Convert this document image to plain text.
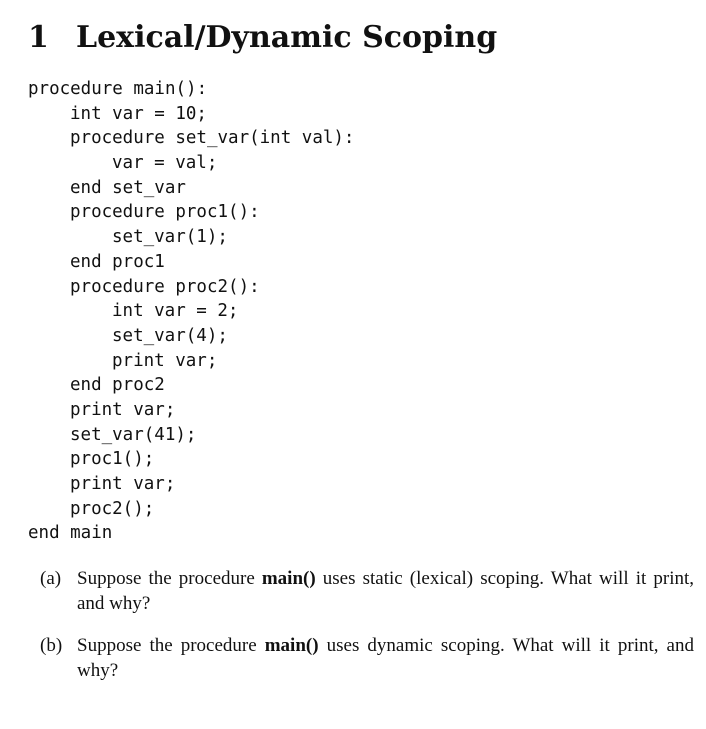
1 Lexical/Dynamic Scoping
procedure main():
int var = 10;
procedure set_var(int val):
var = val;
end set_var
procedure proc1():
set_var(1);
end proc1
procedure proc2():
int var = 2;
set_var(4);
print var;
end proc2
print var;
set_var(41);
proc1();
print var;
proc2();
end main
(a) Suppose the procedure main() uses static (lexical) scoping. What will it print, and why?
(b) Suppose the procedure main() uses dynamic scoping. What will it print, and why?
